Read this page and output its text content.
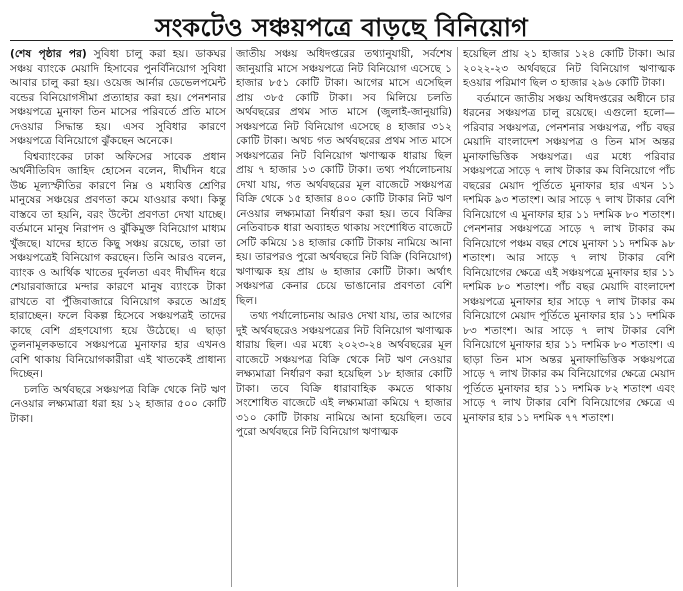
সংকটেও সঞ্চয়পত্রে বাড়ছে বিনিয়োগ

(শেষ পৃষ্ঠার পর) সুবিধা চালু করা হয়। ডাকঘর সঞ্চয় ব্যাংকে মেয়াদি হিসাবের পুনর্বিনিয়োগ সুবিধা আবার চালু করা হয়। ওয়েজ আর্নার ডেভেলপমেন্ট বন্ডের বিনিয়োগসীমা প্রত্যাহার করা হয়। পেনশনার সঞ্চয়পত্রে মুনাফা তিন মাসের পরিবর্তে প্রতি মাসে দেওয়ার সিদ্ধান্ত হয়। এসব সুবিধার কারণে সঞ্চয়পত্রে বিনিয়োগে ঝুঁকছেন অনেকে।

বিশ্বব্যাংকের ঢাকা অফিসের সাবেক প্রধান অর্থনীতিবিদ জাহিদ হোসেন বলেন, দীর্ঘদিন ধরে উচ্চ মূল্যস্ফীতির কারণে নিম্ন ও মধ্যবিত্ত শ্রেণির মানুষের সঞ্চয়ের প্রবণতা কমে যাওয়ার কথা। কিন্তু বাস্তবে তা হয়নি, বরং উল্টো প্রবণতা দেখা যাচ্ছে। বর্তমানে মানুষ নিরাপদ ও ঝুঁকিমুক্ত বিনিয়োগ মাধ্যম খুঁজছে। যাদের হাতে কিছু সঞ্চয় রয়েছে, তারা তা সঞ্চয়পত্রেই বিনিয়োগ করছেন। তিনি আরও বলেন, ব্যাংক ও আর্থিক খাতের দুর্বলতা এবং দীর্ঘদিন ধরে শেয়ারবাজারে মন্দার কারণে মানুষ ব্যাংকে টাকা রাখতে বা পুঁজিবাজারে বিনিয়োগ করতে আগ্রহ হারাচ্ছেন। ফলে বিকল্প হিসেবে সঞ্চয়পত্রই তাদের কাছে বেশি গ্রহণযোগ্য হয়ে উঠেছে। এ ছাড়া তুলনামূলকভাবে সঞ্চয়পত্রে মুনাফার হার এখনও বেশি থাকায় বিনিয়োগকারীরা এই খাতকেই প্রাধান্য দিচ্ছেন।

চলতি অর্থবছরে সঞ্চয়পত্র বিক্রি থেকে নিট ঋণ নেওয়ার লক্ষ্যমাত্রা ধরা হয় ১২ হাজার ৫০০ কোটি টাকা।

জাতীয় সঞ্চয় অধিদপ্তরের তথ্যানুযায়ী, সর্বশেষ জানুয়ারি মাসে সঞ্চয়পত্রে নিট বিনিয়োগ এসেছে ১ হাজার ৮৫১ কোটি টাকা। আগের মাসে এসেছিল প্রায় ৩৮৫ কোটি টাকা। সব মিলিয়ে চলতি অর্থবছরের প্রথম সাত মাসে (জুলাই-জানুয়ারি) সঞ্চয়পত্রে নিট বিনিয়োগ এসেছে ৪ হাজার ৩১২ কোটি টাকা। অথচ গত অর্থবছরের প্রথম সাত মাসে সঞ্চয়পত্রের নিট বিনিয়োগ ঋণাত্মক ধারায় ছিল প্রায় ৭ হাজার ১৩ কোটি টাকা। তথ্য পর্যালোচনায় দেখা যায়, গত অর্থবছরের মূল বাজেটে সঞ্চয়পত্র বিক্রি থেকে ১৫ হাজার ৪০০ কোটি টাকার নিট ঋণ নেওয়ার লক্ষ্যমাত্রা নির্ধারণ করা হয়। তবে বিক্রির নেতিবাচক ধারা অব্যাহত থাকায় সংশোধিত বাজেটে সেটি কমিয়ে ১৪ হাজার কোটি টাকায় নামিয়ে আনা হয়। তারপরও পুরো অর্থবছরে নিট বিক্রি (বিনিয়োগ) ঋণাত্মক হয় প্রায় ৬ হাজার কোটি টাকা। অর্থাৎ সঞ্চয়পত্র কেনার চেয়ে ভাঙানোর প্রবণতা বেশি ছিল।

তথ্য পর্যালোচনায় আরও দেখা যায়, তার আগের দুই অর্থবছরেও সঞ্চয়পত্রের নিট বিনিয়োগ ঋণাত্মক ধারায় ছিল। এর মধ্যে ২০২৩-২৪ অর্থবছরের মূল বাজেটে সঞ্চয়পত্র বিক্রি থেকে নিট ঋণ নেওয়ার লক্ষ্যমাত্রা নির্ধারণ করা হয়েছিল ১৮ হাজার কোটি টাকা। তবে বিক্রি ধারাবাহিক কমতে থাকায় সংশোধিত বাজেটে এই লক্ষ্যমাত্রা কমিয়ে ৭ হাজার ৩১০ কোটি টাকায় নামিয়ে আনা হয়েছিল। তবে পুরো অর্থবছরে নিট বিনিয়োগ ঋণাত্মক

হয়েছিল প্রায় ২১ হাজার ১২৪ কোটি টাকা। আর ২০২২-২৩ অর্থবছরে নিট বিনিয়োগ ঋণাত্মক হওয়ার পরিমাণ ছিল ৩ হাজার ২৯৬ কোটি টাকা।

বর্তমানে জাতীয় সঞ্চয় অধিদপ্তরের অধীনে চার ধরনের সঞ্চয়পত্র চালু রয়েছে। এগুলো হলো— পরিবার সঞ্চয়পত্র, পেনশনার সঞ্চয়পত্র, পাঁচ বছর মেয়াদি বাংলাদেশ সঞ্চয়পত্র ও তিন মাস অন্তর মুনাফাভিত্তিক সঞ্চয়পত্র। এর মধ্যে পরিবার সঞ্চয়পত্রে সাড়ে ৭ লাখ টাকার কম বিনিয়োগে পাঁচ বছরের মেয়াদ পূর্তিতে মুনাফার হার এখন ১১ দশমিক ৯৩ শতাংশ। আর সাড়ে ৭ লাখ টাকার বেশি বিনিয়োগে এ মুনাফার হার ১১ দশমিক ৮০ শতাংশ। পেনশনার সঞ্চয়পত্রে সাড়ে ৭ লাখ টাকার কম বিনিয়োগে পঞ্চম বছর শেষে মুনাফা ১১ দশমিক ৯৮ শতাংশ। আর সাড়ে ৭ লাখ টাকার বেশি বিনিয়োগের ক্ষেত্রে এই সঞ্চয়পত্রে মুনাফার হার ১১ দশমিক ৮০ শতাংশ। পাঁচ বছর মেয়াদি বাংলাদেশ সঞ্চয়পত্রে মুনাফার হার সাড়ে ৭ লাখ টাকার কম বিনিয়োগে মেয়াদ পূর্তিতে মুনাফার হার ১১ দশমিক ৮৩ শতাংশ। আর সাড়ে ৭ লাখ টাকার বেশি বিনিয়োগে মুনাফার হার ১১ দশমিক ৮০ শতাংশ। এ ছাড়া তিন মাস অন্তর মুনাফাভিত্তিক সঞ্চয়পত্রে সাড়ে ৭ লাখ টাকার কম বিনিয়োগের ক্ষেত্রে মেয়াদ পূর্তিতে মুনাফার হার ১১ দশমিক ৮২ শতাংশ এবং সাড়ে ৭ লাখ টাকার বেশি বিনিয়োগের ক্ষেত্রে এ মুনাফার হার ১১ দশমিক ৭৭ শতাংশ।
